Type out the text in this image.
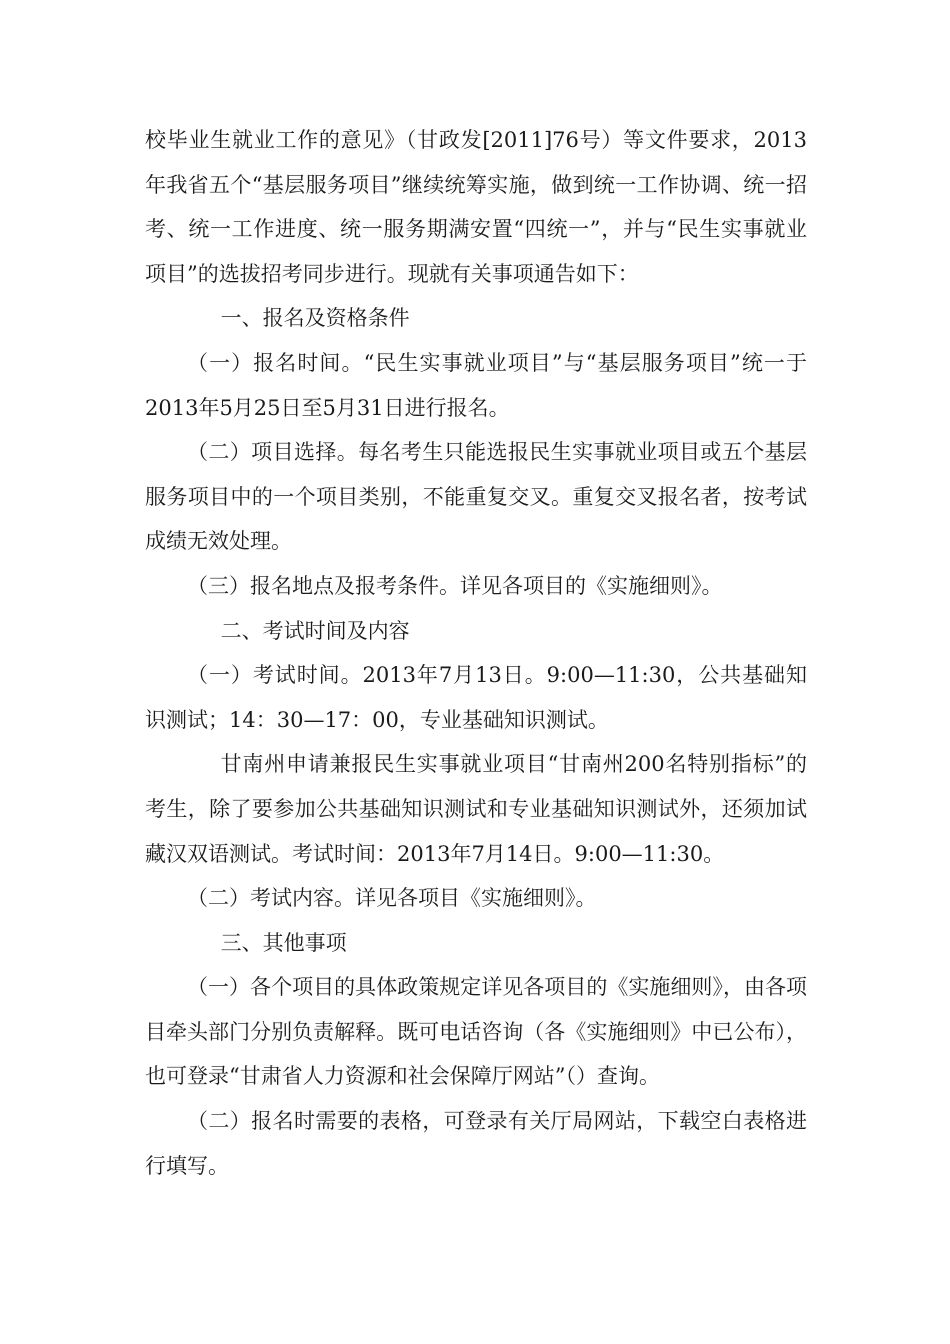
校毕业生就业工作的意见》（甘政发[2011]76号）等文件要求，2013年我省五个“基层服务项目”继续统筹实施，做到统一工作协调、统一招考、统一工作进度、统一服务期满安置“四统一”，并与“民生实事就业项目”的选拔招考同步进行。现就有关事项通告如下：

一、报名及资格条件

（一）报名时间。“民生实事就业项目”与“基层服务项目”统一于2013年5月25日至5月31日进行报名。

（二）项目选择。每名考生只能选报民生实事就业项目或五个基层服务项目中的一个项目类别，不能重复交叉。重复交叉报名者，按考试成绩无效处理。

（三）报名地点及报考条件。详见各项目的《实施细则》。

二、考试时间及内容

（一）考试时间。2013年7月13日。9:00—11:30，公共基础知识测试；14：30—17：00，专业基础知识测试。

甘南州申请兼报民生实事就业项目“甘南州200名特别指标”的考生，除了要参加公共基础知识测试和专业基础知识测试外，还须加试藏汉双语测试。考试时间：2013年7月14日。9:00—11:30。

（二）考试内容。详见各项目《实施细则》。

三、其他事项

（一）各个项目的具体政策规定详见各项目的《实施细则》，由各项目牵头部门分别负责解释。既可电话咨询（各《实施细则》中已公布），也可登录“甘肃省人力资源和社会保障厅网站”（）查询。

（二）报名时需要的表格，可登录有关厅局网站，下载空白表格进行填写。
